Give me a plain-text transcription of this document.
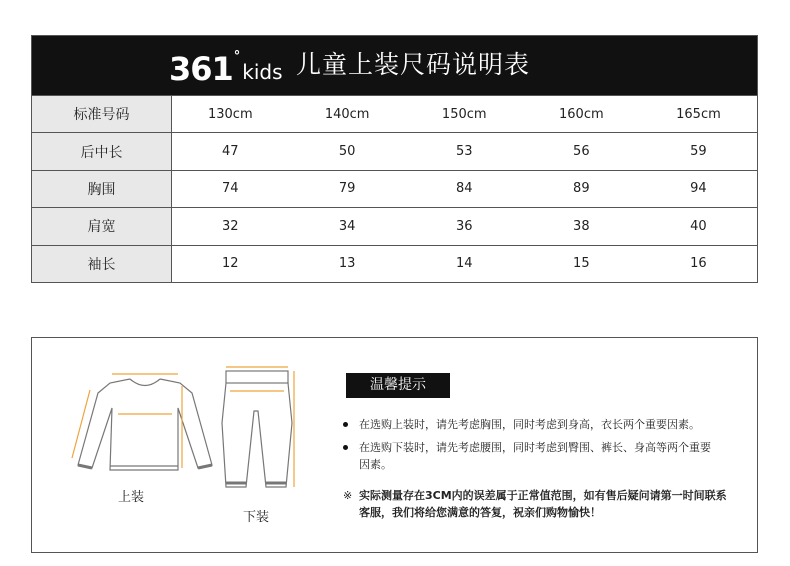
361 °
kids 儿童上装尺码说明表
标准号码	130cm	140cm	150cm	160cm	165cm
后中长	47	50	53	56	59
胸围	74	79	84	89	94
肩宽	32	34	36	38	40
袖长	12	13	14	15	16
上装
下装
温馨提示
在选购上装时，请先考虑胸围，同时考虑到身高，衣长两个重要因素。
在选购下装时，请先考虑腰围，同时考虑到臀围、裤长、身高等两个重要因素。
※ 实际测量存在3CM内的误差属于正常值范围，如有售后疑问请第一时间联系客服，我们将给您满意的答复，祝亲们购物愉快！
